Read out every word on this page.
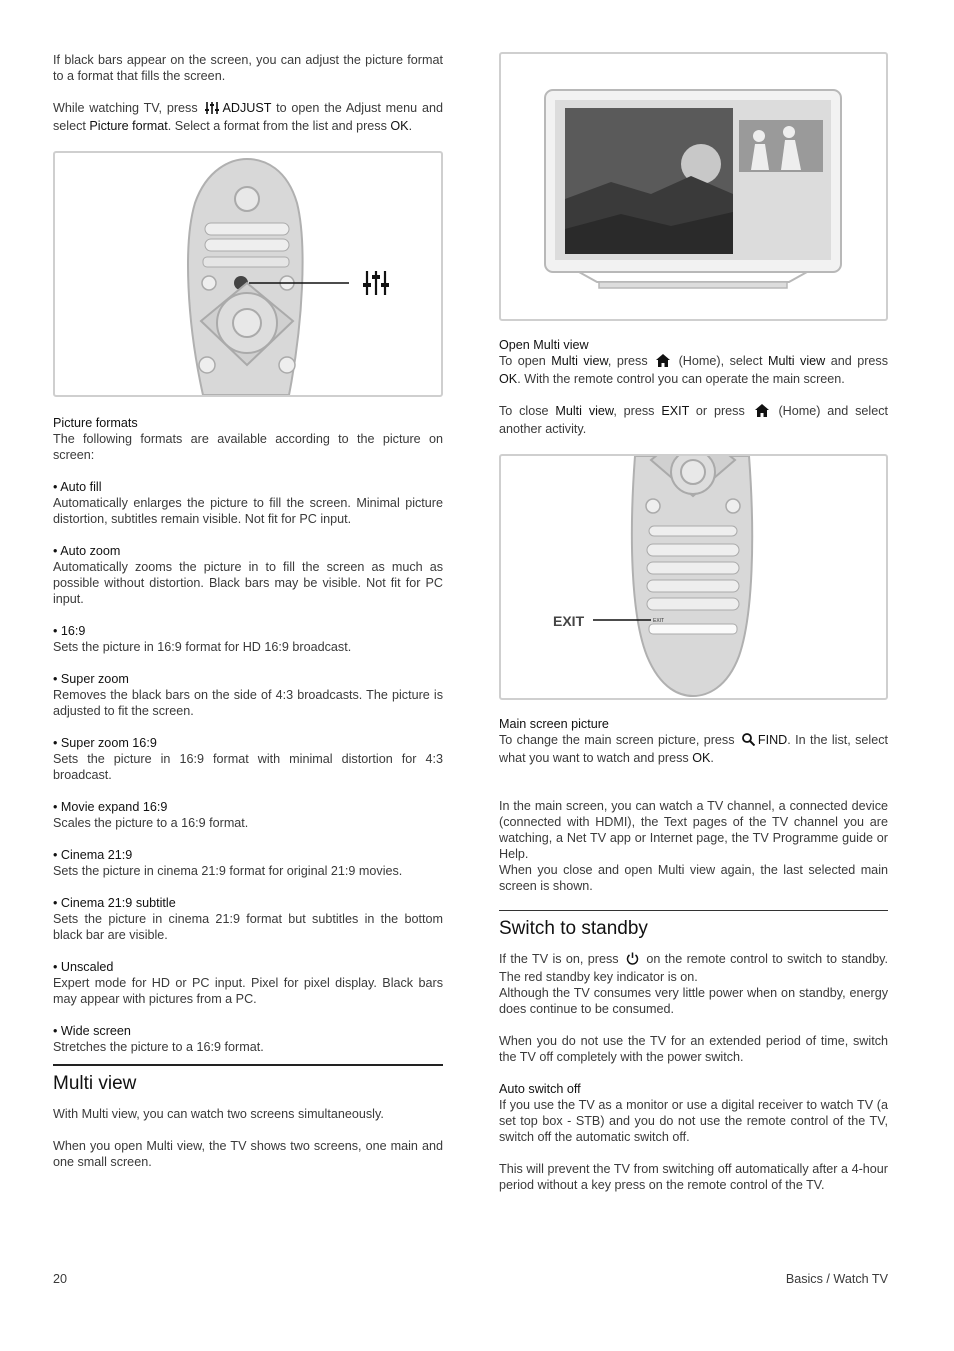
If black bars appear on the screen, you can adjust the picture format to a format that fills the screen.

While watching TV, press ADJUST to open the Adjust menu and select Picture format. Select a format from the list and press OK.

Picture formats

The following formats are available according to the picture on screen:

• Auto fill

Automatically enlarges the picture to fill the screen. Minimal picture distortion, subtitles remain visible. Not fit for PC input.

• Auto zoom

Automatically zooms the picture in to fill the screen as much as possible without distortion. Black bars may be visible. Not fit for PC input.

• 16:9

Sets the picture in 16:9 format for HD 16:9 broadcast.

• Super zoom

Removes the black bars on the side of 4:3 broadcasts. The picture is adjusted to fit the screen.

• Super zoom 16:9

Sets the picture in 16:9 format with minimal distortion for 4:3 broadcast.

• Movie expand 16:9

Scales the picture to a 16:9 format.

• Cinema 21:9

Sets the picture in cinema 21:9 format for original 21:9 movies.

• Cinema 21:9 subtitle

Sets the picture in cinema 21:9 format but subtitles in the bottom black bar are visible.

• Unscaled

Expert mode for HD or PC input. Pixel for pixel display. Black bars may appear with pictures from a PC.

• Wide screen

Stretches the picture to a 16:9 format.

Multi view

With Multi view, you can watch two screens simultaneously.

When you open Multi view, the TV shows two screens, one main and one small screen.

Open Multi view

To open Multi view, press (Home), select Multi view and press OK. With the remote control you can operate the main screen.

To close Multi view, press EXIT or press	(Home) and select another activity.

EXIT
EXIT

Main screen picture

To change the main screen picture, press FIND. In the list, select what you want to watch and press OK.

In the main screen, you can watch a TV channel, a connected device (connected with HDMI), the Text pages of the TV channel you are watching, a Net TV app or Internet page, the TV Programme guide or Help.

When you close and open Multi view again, the last selected main screen is shown.

Switch to standby

If the TV is on, press on the remote control to switch to standby. The red standby key indicator is on.

Although the TV consumes very little power when on standby, energy does continue to be consumed.

When you do not use the TV for an extended period of time, switch the TV off completely with the power switch.

Auto switch off

If you use the TV as a monitor or use a digital receiver to watch TV (a set top box - STB) and you do not use the remote control of the TV, switch off the automatic switch off.

This will prevent the TV from switching off automatically after a 4-hour period without a key press on the remote control of the TV.

20	Basics / Watch TV
